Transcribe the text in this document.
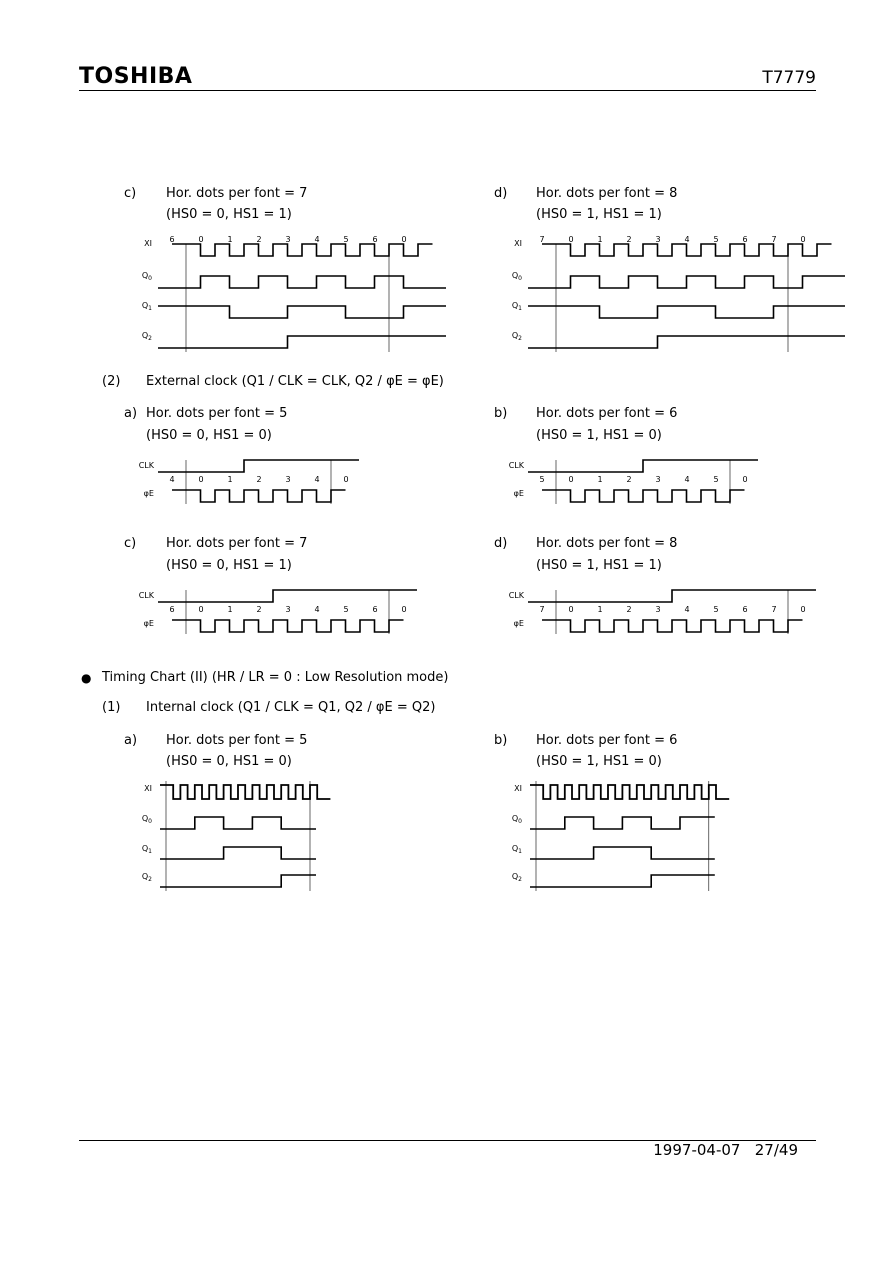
TOSHIBA	T7779
c) Hor. dots per font = 7
(HS0 = 0, HS1 = 1)
d) Hor. dots per font = 8
(HS0 = 1, HS1 = 1)
6	0	1	2	3	4	5	6	0
XI
$Q_0$
$Q_1$
$Q_2$
7	0	1	2	3	4	5	6	7	0
XI
$Q_0$
$Q_1$
$Q_2$
(2) External clock (Q1 / CLK = CLK, Q2 / φE = φE)
a) Hor. dots per font = 5
(HS0 = 0, HS1 = 0)
b) Hor. dots per font = 6
(HS0 = 1, HS1 = 0)
CLK
φE
4	0	1	2	3	4	0
CLK
φE
5	0	1	2	3	4	5	0
c) Hor. dots per font = 7
(HS0 = 0, HS1 = 1)
d) Hor. dots per font = 8
(HS0 = 1, HS1 = 1)
CLK
φE
6	0	1	2	3	4	5	6	0
CLK
φE
7	0	1	2	3	4	5	6	7	0
● Timing Chart (II) (HR / LR = 0 : Low Resolution mode)
(1) Internal clock (Q1 / CLK = Q1, Q2 / φE = Q2)
a) Hor. dots per font = 5
(HS0 = 0, HS1 = 0)
b) Hor. dots per font = 6
(HS0 = 1, HS1 = 0)
XI
$Q_0$
$Q_1$
$Q_2$
XI
$Q_0$
$Q_1$
$Q_2$
1997-04-07 27/49
